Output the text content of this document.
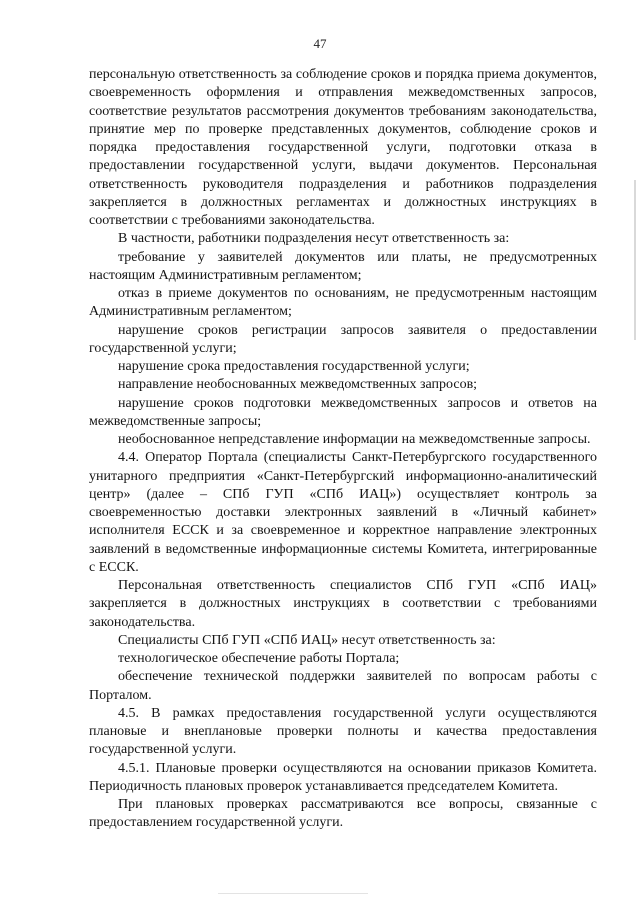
47

персональную ответственность за соблюдение сроков и порядка приема документов, своевременность оформления и отправления межведомственных запросов, соответствие результатов рассмотрения документов требованиям законодательства, принятие мер по проверке представленных документов, соблюдение сроков и порядка предоставления государственной услуги, подготовки отказа в предоставлении государственной услуги, выдачи документов. Персональная ответственность руководителя подразделения и работников подразделения закрепляется в должностных регламентах и должностных инструкциях в соответствии с требованиями законодательства.

В частности, работники подразделения несут ответственность за:

требование у заявителей документов или платы, не предусмотренных настоящим Административным регламентом;

отказ в приеме документов по основаниям, не предусмотренным настоящим Административным регламентом;

нарушение сроков регистрации запросов заявителя о предоставлении государственной услуги;

нарушение срока предоставления государственной услуги;

направление необоснованных межведомственных запросов;

нарушение сроков подготовки межведомственных запросов и ответов на межведомственные запросы;

необоснованное непредставление информации на межведомственные запросы.

4.4. Оператор Портала (специалисты Санкт-Петербургского государственного унитарного предприятия «Санкт-Петербургский информационно-аналитический центр» (далее – СПб ГУП «СПб ИАЦ») осуществляет контроль за своевременностью доставки электронных заявлений в «Личный кабинет» исполнителя ЕССК и за своевременное и корректное направление электронных заявлений в ведомственные информационные системы Комитета, интегрированные с ЕССК.

Персональная ответственность специалистов СПб ГУП «СПб ИАЦ» закрепляется в должностных инструкциях в соответствии с требованиями законодательства.

Специалисты СПб ГУП «СПб ИАЦ» несут ответственность за:

технологическое обеспечение работы Портала;

обеспечение технической поддержки заявителей по вопросам работы с Порталом.

4.5. В рамках предоставления государственной услуги осуществляются плановые и внеплановые проверки полноты и качества предоставления государственной услуги.

4.5.1. Плановые проверки осуществляются на основании приказов Комитета. Периодичность плановых проверок устанавливается председателем Комитета.

При плановых проверках рассматриваются все вопросы, связанные с предоставлением государственной услуги.
